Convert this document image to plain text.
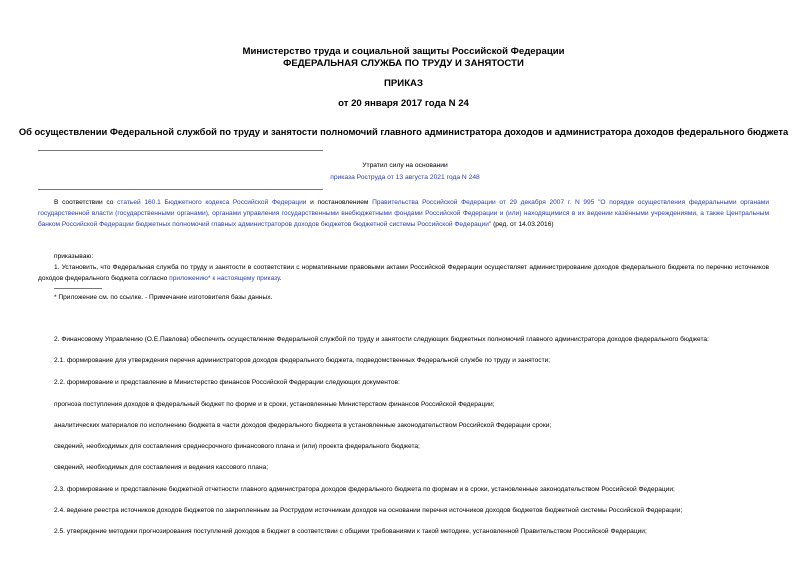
Министерство труда и социальной защиты Российской Федерации
ФЕДЕРАЛЬНАЯ СЛУЖБА ПО ТРУДУ И ЗАНЯТОСТИ
ПРИКАЗ
от 20 января 2017 года N 24
Об осуществлении Федеральной службой по труду и занятости полномочий главного администратора доходов и администратора доходов федерального бюджета
Утратил силу на основании
приказа Роструда от 13 августа 2021 года N 248
В соответствии со статьей 160.1 Бюджетного кодекса Российской Федерации и постановлением Правительства Российской Федерации от 29 декабря 2007 г. N 995 "О порядке осуществления федеральными органами государственной власти (государственными органами), органами управления государственными внебюджетными фондами Российской Федерации и (или) находящимися в их ведении казёнными учреждениями, а также Центральным банком Российской Федерации бюджетных полномочий главных администраторов доходов бюджетов бюджетной системы Российской Федерации" (ред. от 14.03.2016)
приказываю:
1. Установить, что Федеральная служба по труду и занятости в соответствии с нормативными правовыми актами Российской Федерации осуществляет администрирование доходов федерального бюджета по перечню источников доходов федерального бюджета согласно приложению* к настоящему приказу.
* Приложение см. по ссылке. - Примечание изготовителя базы данных.
2. Финансовому Управлению (О.Е.Павлова) обеспечить осуществление Федеральной службой по труду и занятости следующих бюджетных полномочий главного администратора доходов федерального бюджета:
2.1. формирование для утверждения перечня администраторов доходов федерального бюджета, подведомственных Федеральной службе по труду и занятости;
2.2. формирование и представление в Министерство финансов Российской Федерации следующих документов:
прогноза поступления доходов в федеральный бюджет по форме и в сроки, установленные Министерством финансов Российской Федерации;
аналитических материалов по исполнению бюджета в части доходов федерального бюджета в установленные законодательством Российской Федерации сроки;
сведений, необходимых для составления среднесрочного финансового плана и (или) проекта федерального бюджета;
сведений, необходимых для составления и ведения кассового плана;
2.3. формирование и представление бюджетной отчетности главного администратора доходов федерального бюджета по формам и в сроки, установленные законодательством Российской Федерации;
2.4. ведение реестра источников доходов бюджетов по закрепленным за Рострудом источникам доходов на основании перечня источников доходов бюджетов бюджетной системы Российской Федерации;
2.5. утверждение методики прогнозирования поступлений доходов в бюджет в соответствии с общими требованиями к такой методике, установленной Правительством Российской Федерации;
